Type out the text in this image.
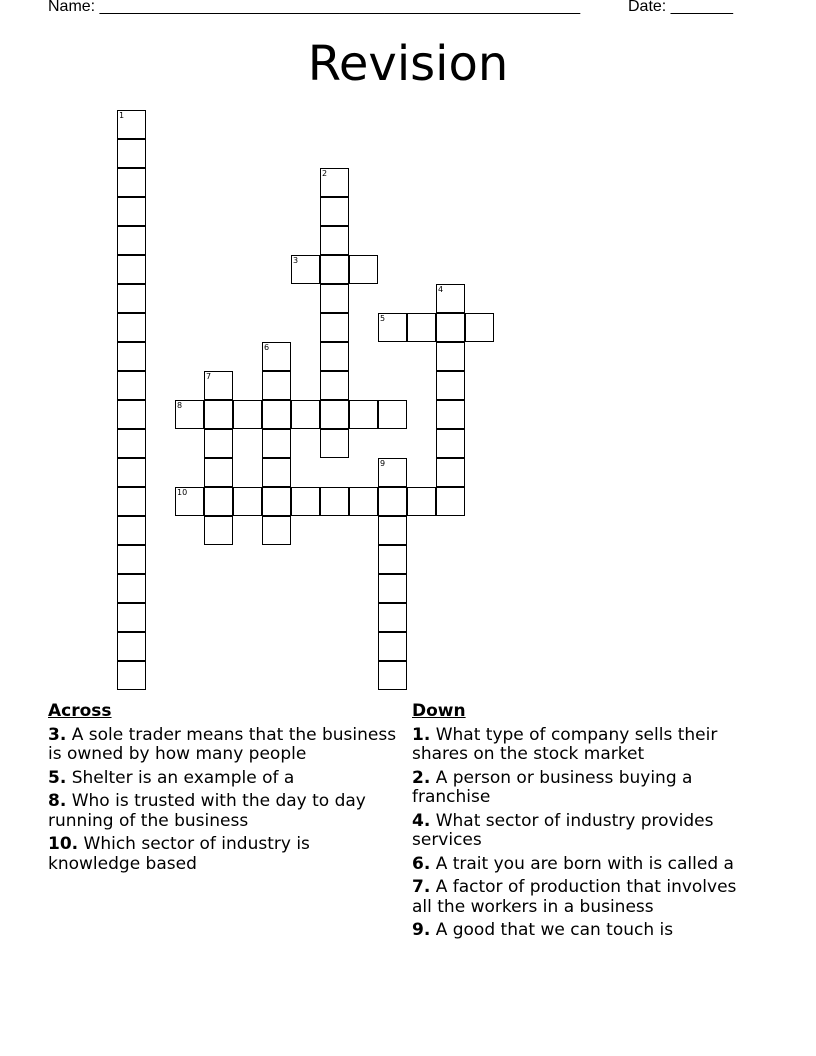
Name: ______________________________________________________	Date: _______
Revision
1
2
3
4
5
6
7
8
9
10
Across
3. A sole trader means that the business is owned by how many people
5. Shelter is an example of a
8. Who is trusted with the day to day running of the business
10. Which sector of industry is knowledge based
Down
1. What type of company sells their shares on the stock market
2. A person or business buying a franchise
4. What sector of industry provides services
6. A trait you are born with is called a
7. A factor of production that involves all the workers in a business
9. A good that we can touch is
